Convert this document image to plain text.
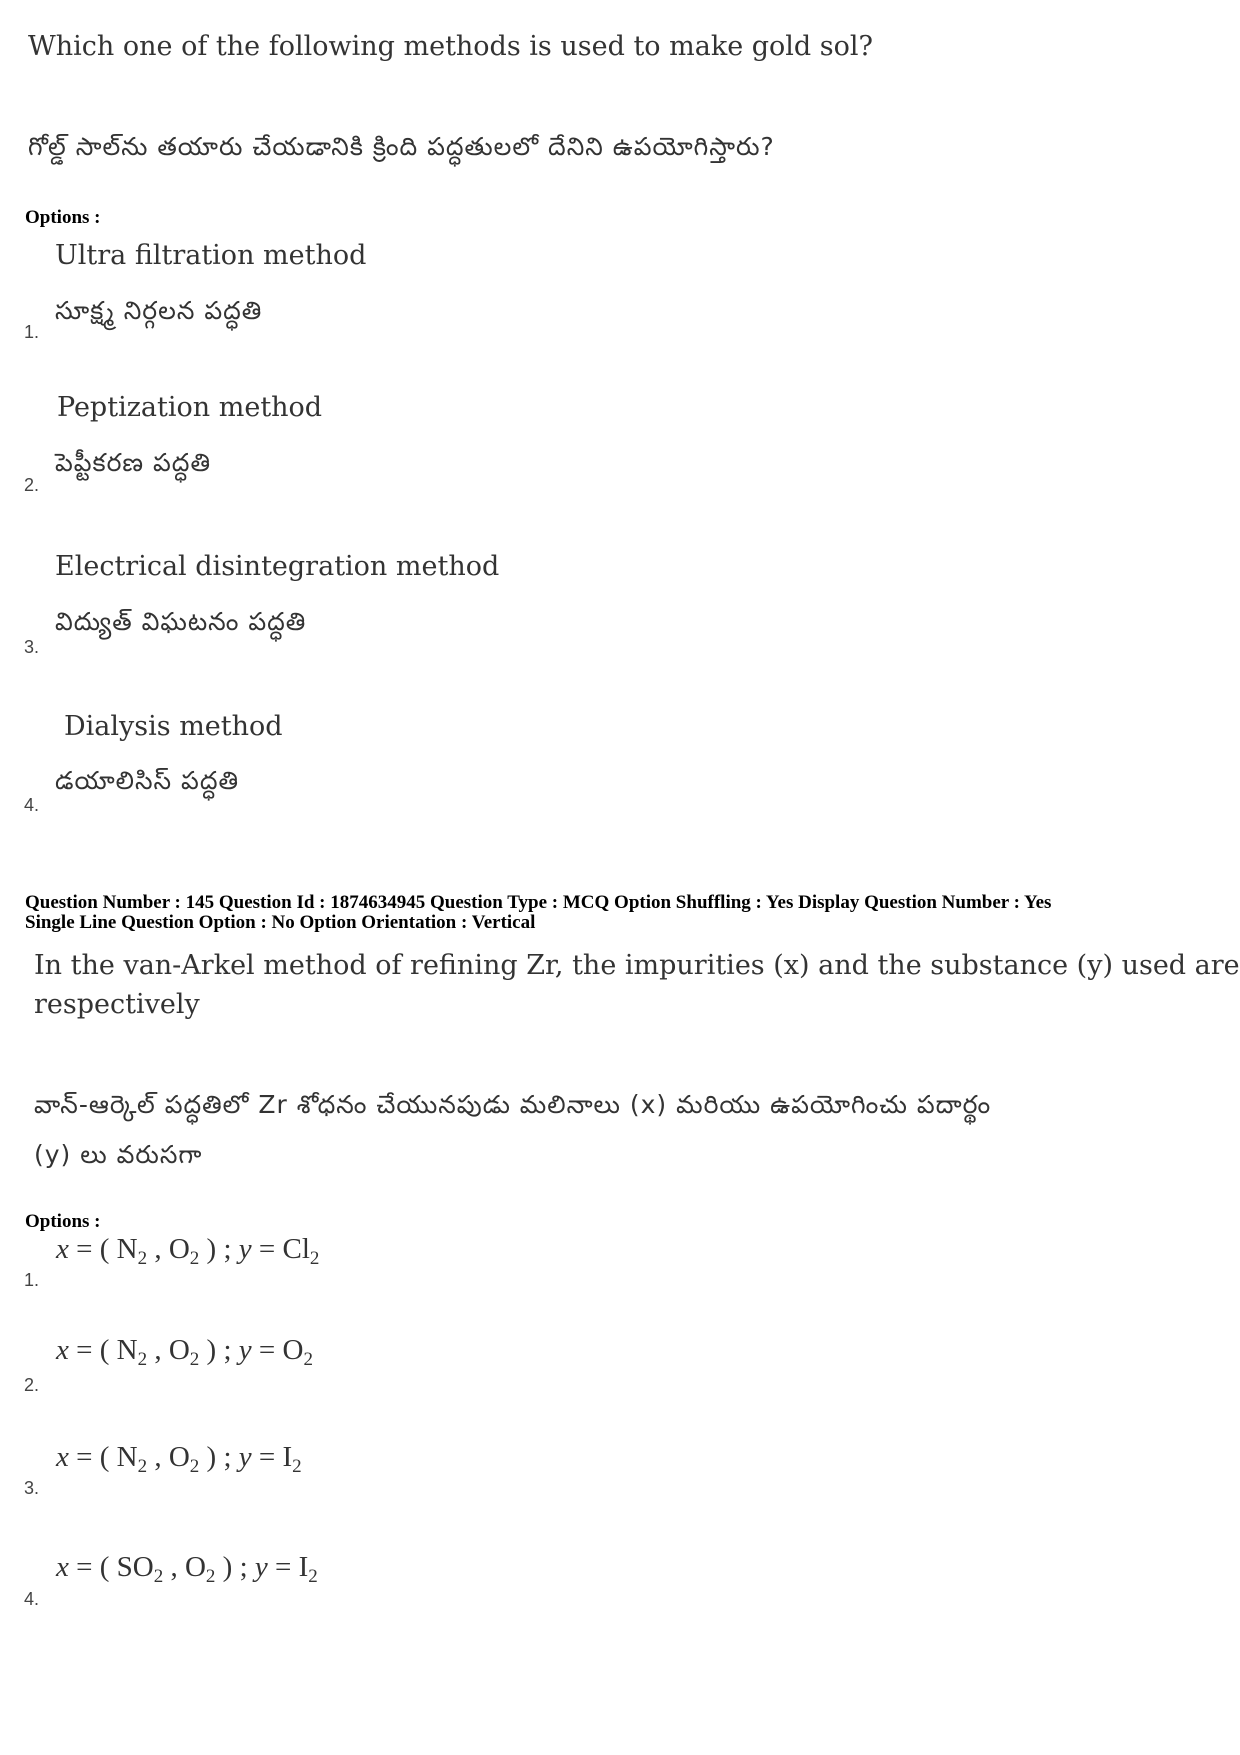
Which one of the following methods is used to make gold sol?
గోల్డ్ సాల్‌ను తయారు చేయడానికి క్రింది పద్ధతులలో దేనిని ఉపయోగిస్తారు?
Options :
Ultra filtration method
సూక్ష్మ నిర్గలన పద్ధతి
1.
Peptization method
పెప్టీకరణ పద్ధతి
2.
Electrical disintegration method
విద్యుత్ విఘటనం పద్ధతి
3.
Dialysis method
డయాలిసిస్ పద్ధతి
4.
Question Number : 145 Question Id : 1874634945 Question Type : MCQ Option Shuffling : Yes Display Question Number : Yes
Single Line Question Option : No Option Orientation : Vertical
In the van-Arkel method of refining Zr, the impurities (x) and the substance (y) used are
respectively
వాన్-ఆర్కెల్ పద్ధతిలో Zr శోధనం చేయునపుడు మలినాలు (x) మరియు ఉపయోగించు పదార్థం
(y) లు వరుసగా
Options :
x = ( $N_2$ , $O_2$ ) ; $y = Cl_2$
1.
x = ( $N_2$ , $O_2$ ) ; $y = O_2$
2.
x = ( $N_2$ , $O_2$ ) ; $y = I_2$
3.
x = ( $SO_2$ , $O_2$ ) ; $y = I_2$
4.
